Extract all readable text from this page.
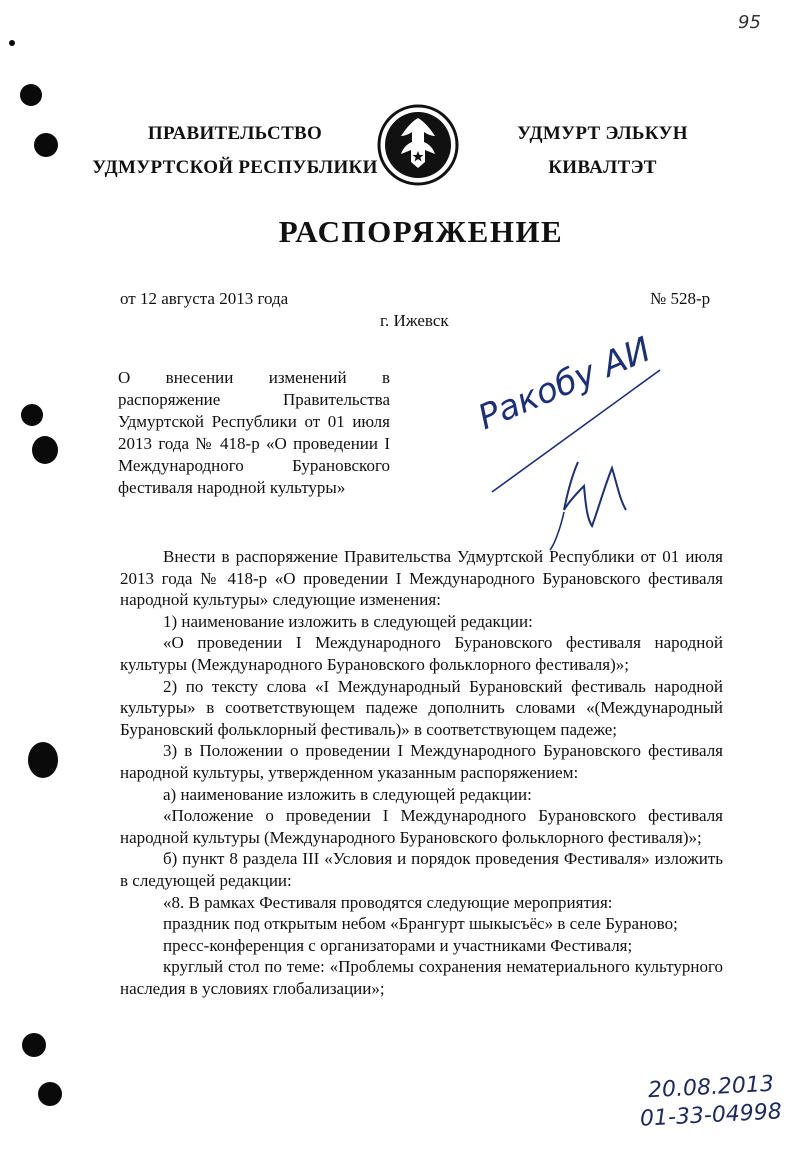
95
ПРАВИТЕЛЬСТВО
УДМУРТСКОЙ РЕСПУБЛИКИ
УДМУРТ ЭЛЬКУН
КИВАЛТЭТ
РАСПОРЯЖЕНИЕ
от 12 августа 2013 года	№ 528-р
г. Ижевск
О внесении изменений в распоряжение Правительства Удмуртской Республики от 01 июля 2013 года № 418-р «О проведении I Международного Бурановского фестиваля народной культуры»
Ракобу АИ

Внести в распоряжение Правительства Удмуртской Республики от 01 июля 2013 года № 418-р «О проведении I Международного Бурановского фестиваля народной культуры» следующие изменения:

1) наименование изложить в следующей редакции:

«О проведении I Международного Бурановского фестиваля народной культуры (Международного Бурановского фольклорного фестиваля)»;

2) по тексту слова «I Международный Бурановский фестиваль народной культуры» в соответствующем падеже дополнить словами «(Международный Бурановский фольклорный фестиваль)» в соответствующем падеже;

3) в Положении о проведении I Международного Бурановского фестиваля народной культуры, утвержденном указанным распоряжением:

а) наименование изложить в следующей редакции:

«Положение о проведении I Международного Бурановского фестиваля народной культуры (Международного Бурановского фольклорного фестиваля)»;

б) пункт 8 раздела III «Условия и порядок проведения Фестиваля» изложить в следующей редакции:

«8. В рамках Фестиваля проводятся следующие мероприятия:

праздник под открытым небом «Брангурт шыкысъёс» в селе Бураново;

пресс-конференция с организаторами и участниками Фестиваля;

круглый стол по теме: «Проблемы сохранения нематериального культурного наследия в условиях глобализации»;

20.08.2013
01-33-04998
